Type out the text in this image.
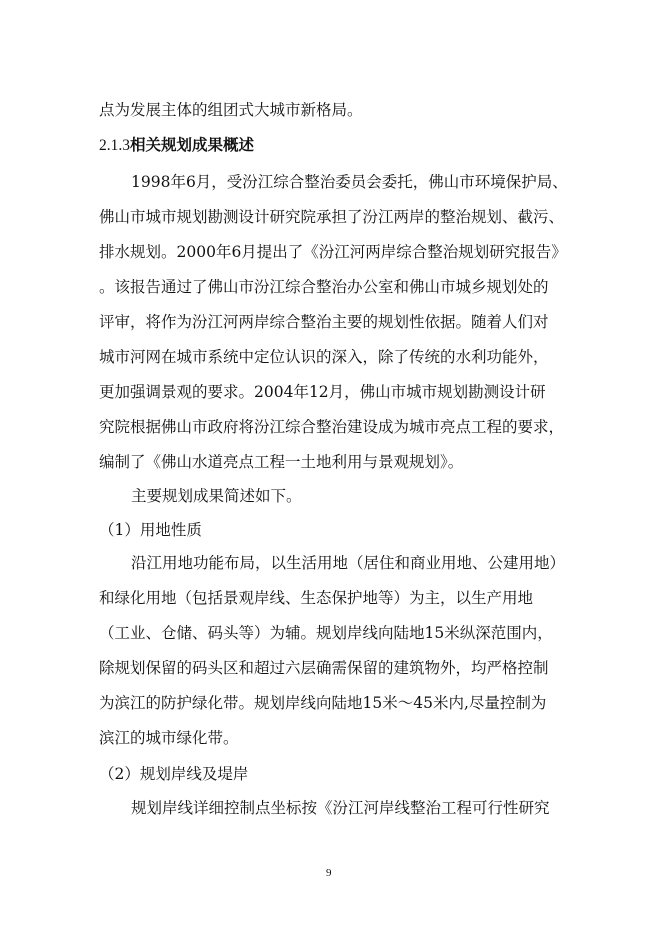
点为发展主体的组团式大城市新格局。
2.1.3相关规划成果概述
1998年6月，受汾江综合整治委员会委托，佛山市环境保护局、
佛山市城市规划勘测设计研究院承担了汾江两岸的整治规划、截污、
排水规划。2000年6月提出了《汾江河两岸综合整治规划研究报告》
。该报告通过了佛山市汾江综合整治办公室和佛山市城乡规划处的
评审，将作为汾江河两岸综合整治主要的规划性依据。随着人们对
城市河网在城市系统中定位认识的深入，除了传统的水利功能外，
更加强调景观的要求。2004年12月，佛山市城市规划勘测设计研
究院根据佛山市政府将汾江综合整治建设成为城市亮点工程的要求，
编制了《佛山水道亮点工程一土地利用与景观规划》。
主要规划成果简述如下。
（1）用地性质
沿江用地功能布局，以生活用地（居住和商业用地、公建用地）
和绿化用地（包括景观岸线、生态保护地等）为主，以生产用地
（工业、仓储、码头等）为辅。规划岸线向陆地15米纵深范围内，
除规划保留的码头区和超过六层确需保留的建筑物外，均严格控制
为滨江的防护绿化带。规划岸线向陆地15米～45米内,尽量控制为
滨江的城市绿化带。
（2）规划岸线及堤岸
规划岸线详细控制点坐标按《汾江河岸线整治工程可行性研究
9
